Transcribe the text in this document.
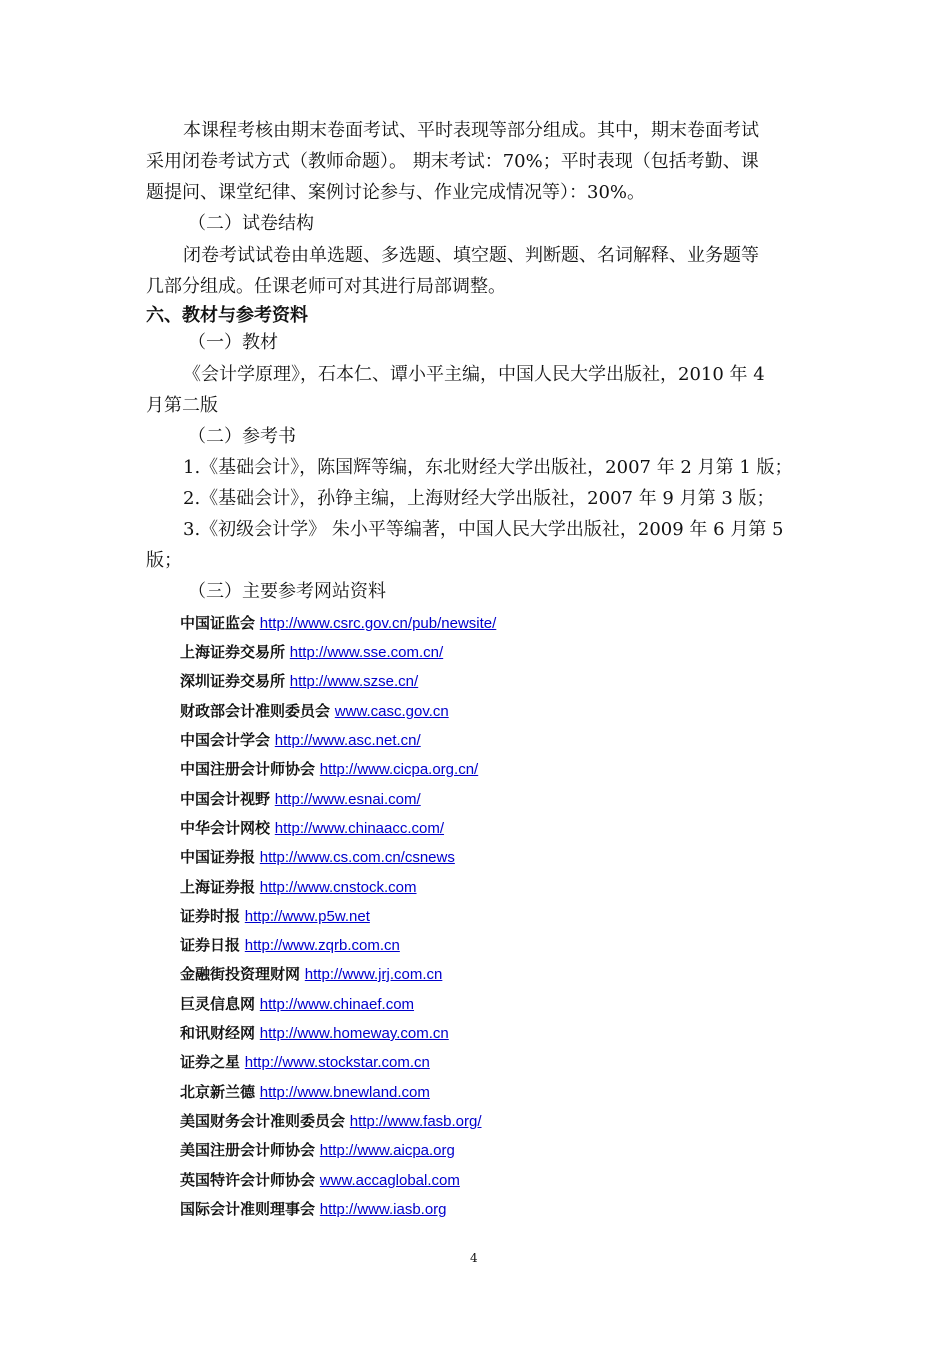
本课程考核由期末卷面考试、平时表现等部分组成。其中，期末卷面考试
采用闭卷考试方式（教师命题）。 期末考试：70%；平时表现（包括考勤、课
题提问、课堂纪律、案例讨论参与、作业完成情况等）：30%。
（二）试卷结构
闭卷考试试卷由单选题、多选题、填空题、判断题、名词解释、业务题等
几部分组成。任课老师可对其进行局部调整。
六、教材与参考资料
（一）教材
《会计学原理》，石本仁、谭小平主编，中国人民大学出版社，2010 年 4
月第二版
（二）参考书
1.《基础会计》，陈国辉等编，东北财经大学出版社，2007 年 2 月第 1 版；
2.《基础会计》，孙铮主编，上海财经大学出版社，2007 年 9 月第 3 版；
3.《初级会计学》 朱小平等编著，中国人民大学出版社，2009 年 6 月第 5
版；
（三）主要参考网站资料
中国证监会 http://www.csrc.gov.cn/pub/newsite/
上海证券交易所 http://www.sse.com.cn/
深圳证券交易所 http://www.szse.cn/
财政部会计准则委员会 www.casc.gov.cn
中国会计学会 http://www.asc.net.cn/
中国注册会计师协会 http://www.cicpa.org.cn/
中国会计视野 http://www.esnai.com/
中华会计网校 http://www.chinaacc.com/
中国证券报 http://www.cs.com.cn/csnews
上海证券报 http://www.cnstock.com
证券时报 http://www.p5w.net
证券日报 http://www.zqrb.com.cn
金融街投资理财网 http://www.jrj.com.cn
巨灵信息网 http://www.chinaef.com
和讯财经网 http://www.homeway.com.cn
证券之星 http://www.stockstar.com.cn
北京新兰德 http://www.bnewland.com
美国财务会计准则委员会 http://www.fasb.org/
美国注册会计师协会 http://www.aicpa.org
英国特许会计师协会 www.accaglobal.com
国际会计准则理事会 http://www.iasb.org
4
